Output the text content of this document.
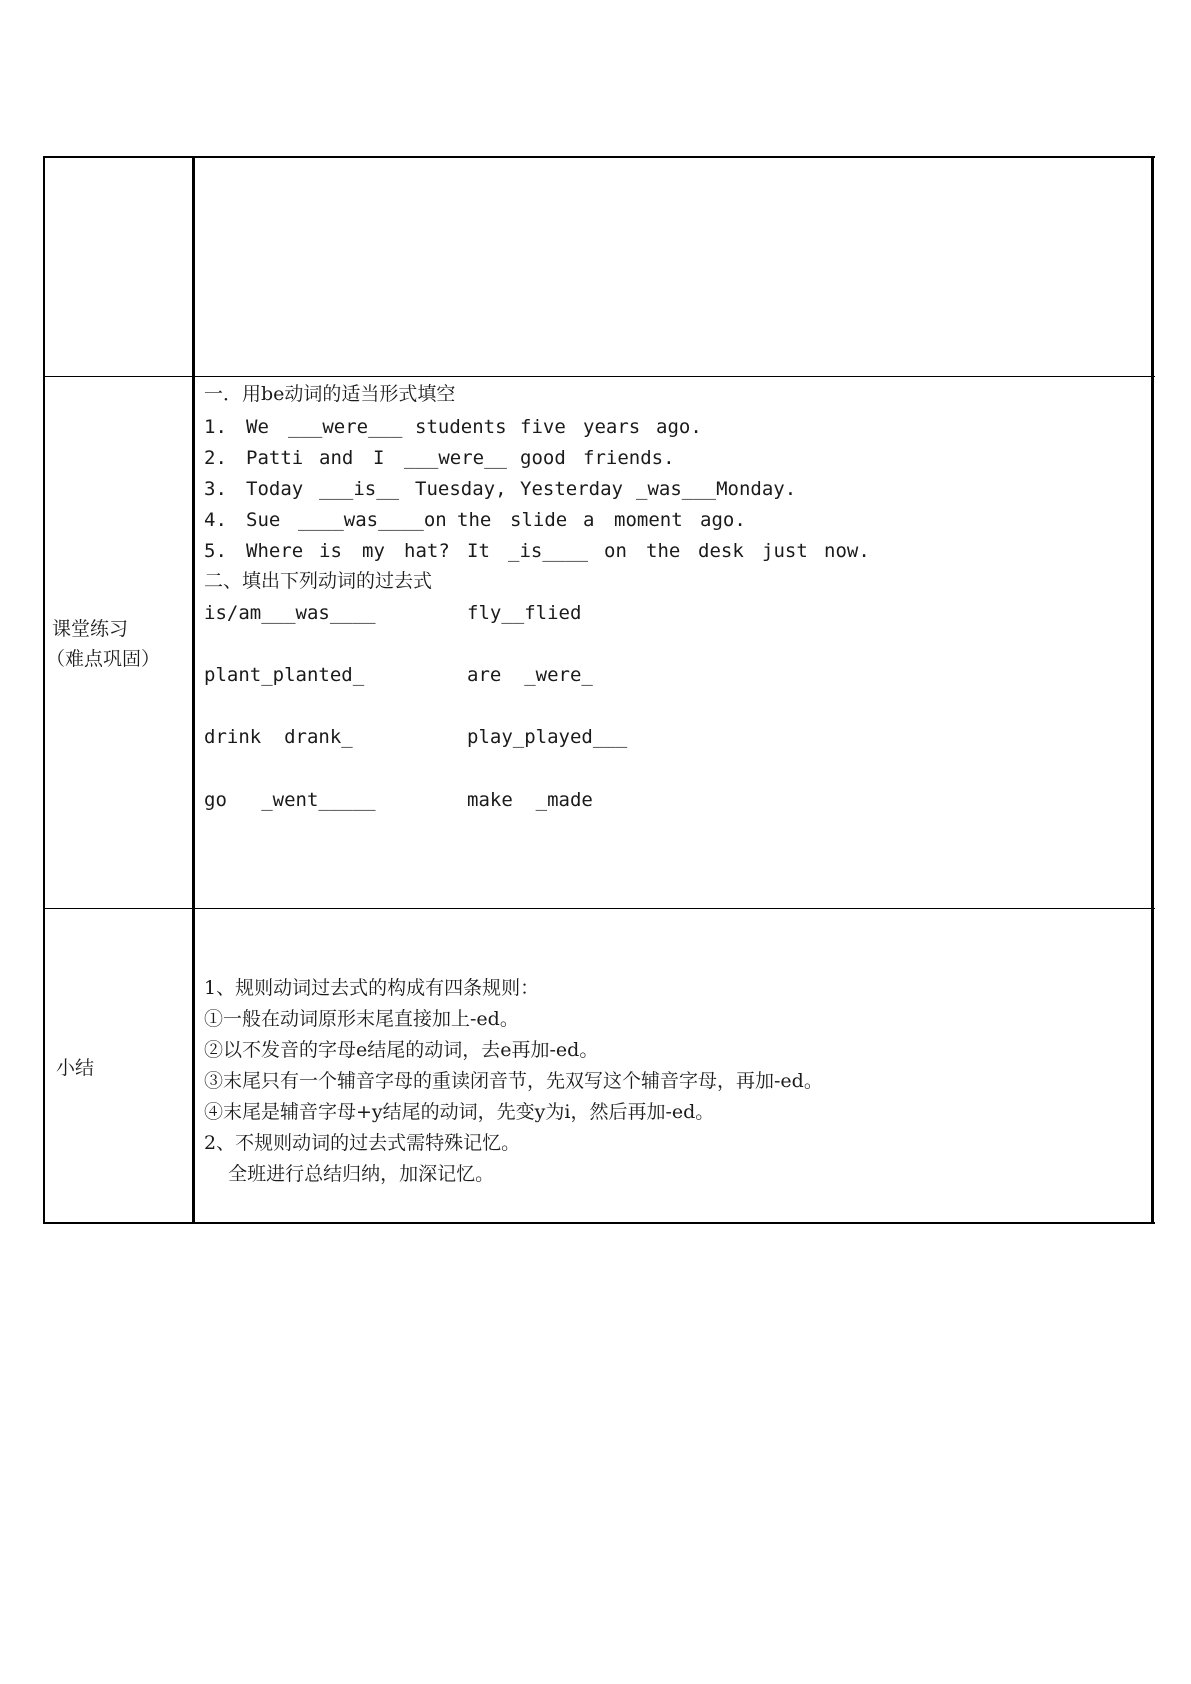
课堂练习
（难点巩固）
一．用be动词的适当形式填空
1. We ___were___ students five years ago.
2. Patti and I ___were__ good friends.
3. Today ___is__ Tuesday, Yesterday _was___Monday.
4. Sue ____was____on the slide a moment ago.
5. Where is my hat? It _is____ on the desk just now.
二、填出下列动词的过去式
is/am___was____	fly__flied
plant_planted_	are  _were_
drink  drank_	play_played___
go   _went_____	make  _made
小结
1、规则动词过去式的构成有四条规则：
①一般在动词原形末尾直接加上-ed。
②以不发音的字母e结尾的动词，去e再加-ed。
③末尾只有一个辅音字母的重读闭音节，先双写这个辅音字母，再加-ed。
④末尾是辅音字母+y结尾的动词，先变y为i，然后再加-ed。
2、不规则动词的过去式需特殊记忆。
全班进行总结归纳，加深记忆。
